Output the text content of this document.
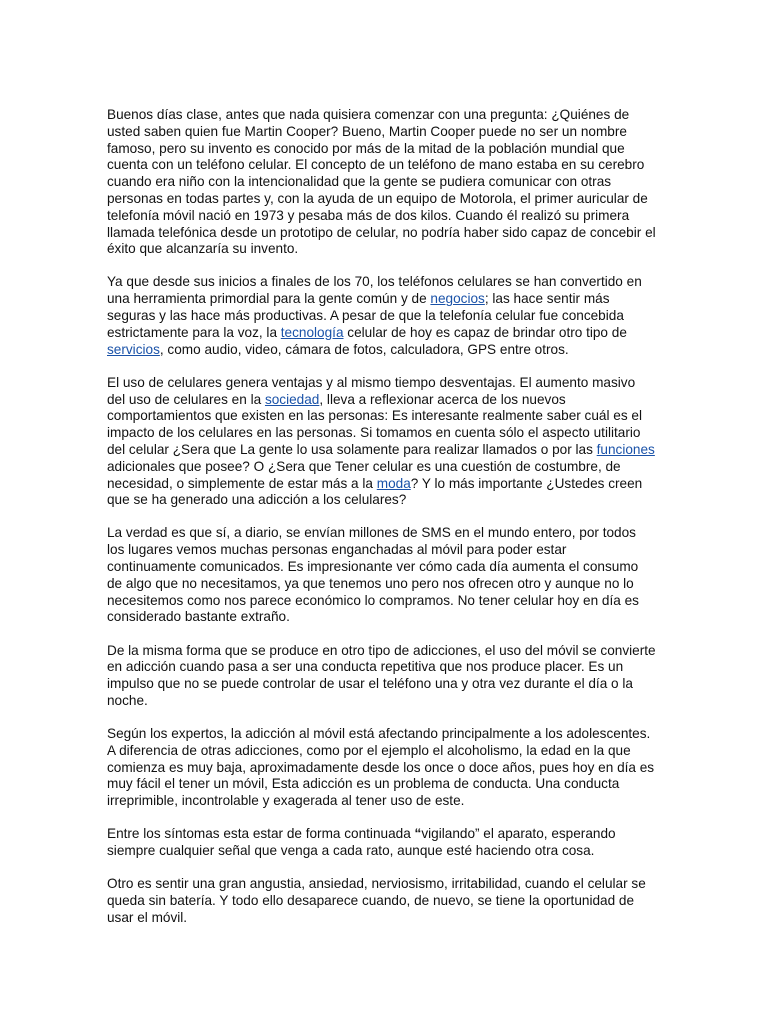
Buenos días clase, antes que nada quisiera comenzar con una pregunta: ¿Quiénes de usted saben quien fue Martin Cooper? Bueno, Martin Cooper puede no ser un nombre famoso, pero su invento es conocido por más de la mitad de la población mundial que cuenta con un teléfono celular. El concepto de un teléfono de mano estaba en su cerebro cuando era niño con la intencionalidad que la gente se pudiera comunicar con otras personas en todas partes y, con la ayuda de un equipo de Motorola, el primer auricular de telefonía móvil nació en 1973 y pesaba más de dos kilos. Cuando él realizó su primera llamada telefónica desde un prototipo de celular, no podría haber sido capaz de concebir el éxito que alcanzaría su invento.

Ya que desde sus inicios a finales de los 70, los teléfonos celulares se han convertido en una herramienta primordial para la gente común y de negocios; las hace sentir más seguras y las hace más productivas. A pesar de que la telefonía celular fue concebida estrictamente para la voz, la tecnología celular de hoy es capaz de brindar otro tipo de servicios, como audio, video, cámara de fotos, calculadora, GPS entre otros.

El uso de celulares genera ventajas y al mismo tiempo desventajas. El aumento masivo del uso de celulares en la sociedad, lleva a reflexionar acerca de los nuevos comportamientos que existen en las personas: Es interesante realmente saber cuál es el impacto de los celulares en las personas. Si tomamos en cuenta sólo el aspecto utilitario del celular ¿Sera que La gente lo usa solamente para realizar llamados o por las funciones adicionales que posee? O ¿Sera que Tener celular es una cuestión de costumbre, de necesidad, o simplemente de estar más a la moda? Y lo más importante ¿Ustedes creen que se ha generado una adicción a los celulares?

La verdad es que sí, a diario, se envían millones de SMS en el mundo entero, por todos los lugares vemos muchas personas enganchadas al móvil para poder estar continuamente comunicados. Es impresionante ver cómo cada día aumenta el consumo de algo que no necesitamos, ya que tenemos uno pero nos ofrecen otro y aunque no lo necesitemos como nos parece económico lo compramos. No tener celular hoy en día es considerado bastante extraño.

De la misma forma que se produce en otro tipo de adicciones, el uso del móvil se convierte en adicción cuando pasa a ser una conducta repetitiva que nos produce placer. Es un impulso que no se puede controlar de usar el teléfono una y otra vez durante el día o la noche.

Según los expertos, la adicción al móvil está afectando principalmente a los adolescentes. A diferencia de otras adicciones, como por el ejemplo el alcoholismo, la edad en la que comienza es muy baja, aproximadamente desde los once o doce años, pues hoy en día es muy fácil el tener un móvil, Esta adicción es un problema de conducta. Una conducta irreprimible, incontrolable y exagerada al tener uso de este.

Entre los síntomas esta estar de forma continuada “vigilando” el aparato, esperando siempre cualquier señal que venga a cada rato, aunque esté haciendo otra cosa.

Otro es sentir una gran angustia, ansiedad, nerviosismo, irritabilidad, cuando el celular se queda sin batería. Y todo ello desaparece cuando, de nuevo, se tiene la oportunidad de usar el móvil.
